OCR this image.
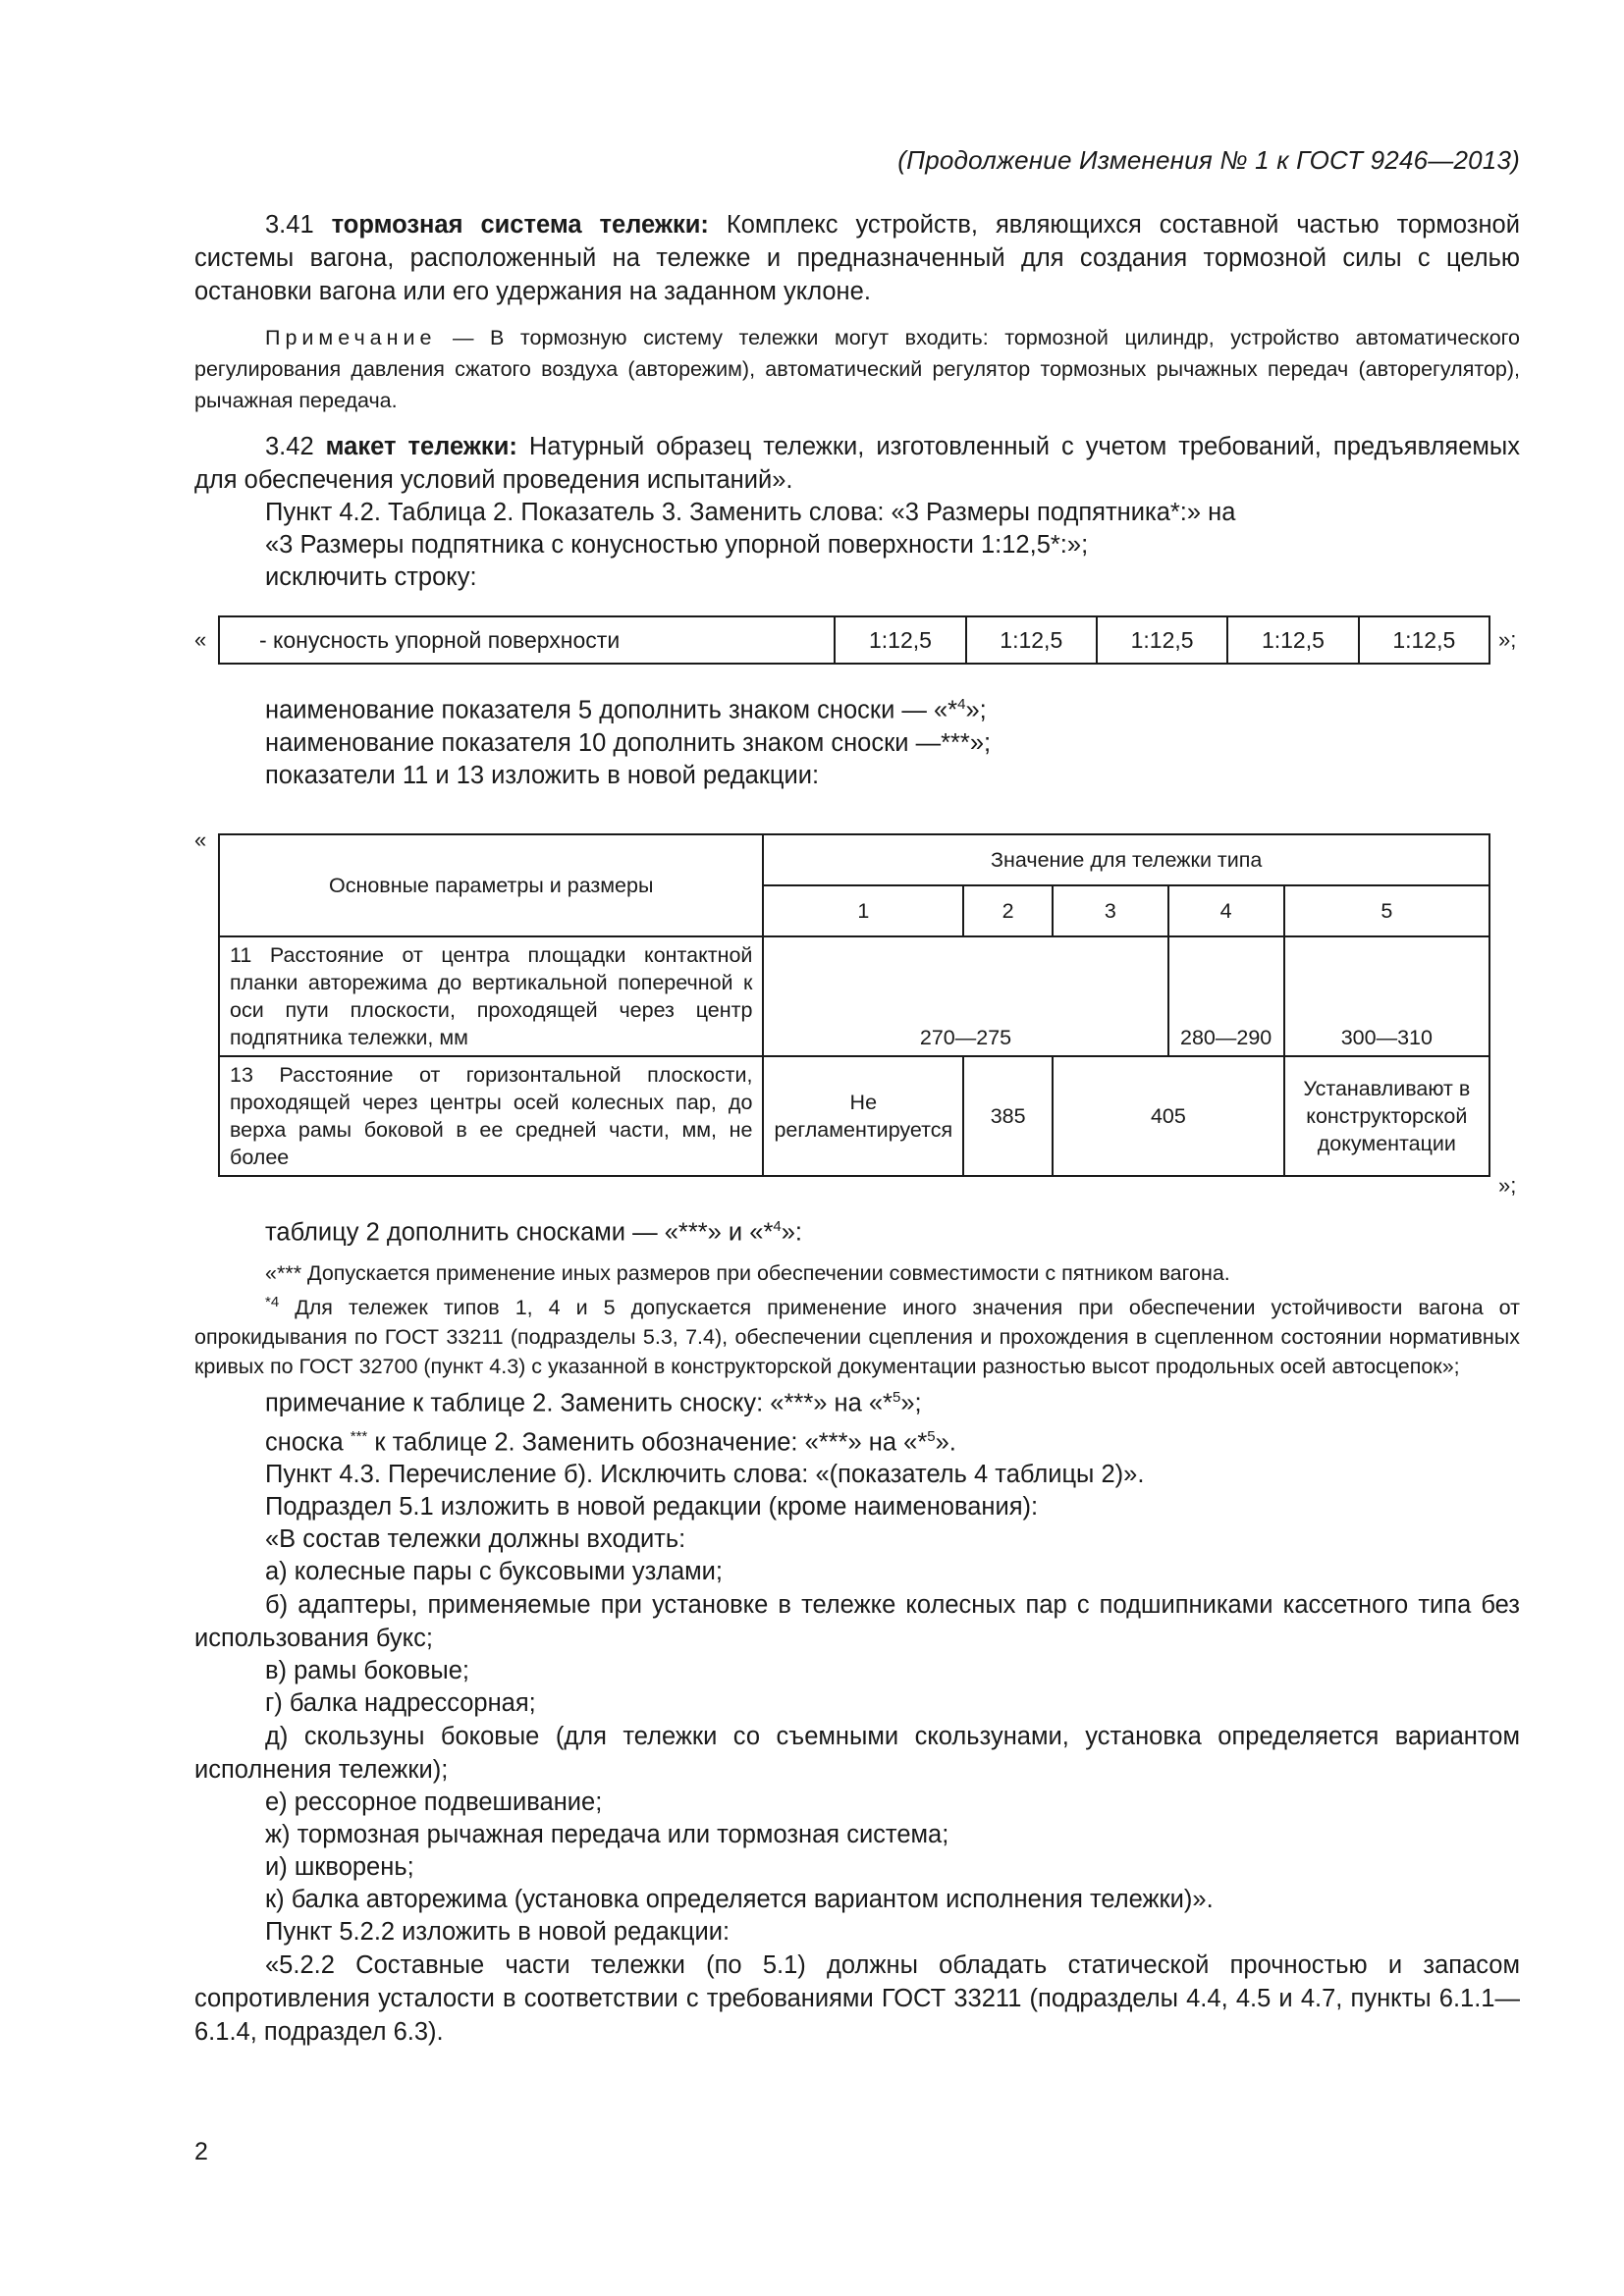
(Продолжение Изменения № 1 к ГОСТ 9246—2013)

3.41 тормозная система тележки: Комплекс устройств, являющихся составной частью тормозной системы вагона, расположенный на тележке и предназначенный для создания тормозной силы с целью остановки вагона или его удержания на заданном уклоне.

Примечание — В тормозную систему тележки могут входить: тормозной цилиндр, устройство автоматического регулирования давления сжатого воздуха (авторежим), автоматический регулятор тормозных рычажных передач (авторегулятор), рычажная передача.

3.42 макет тележки: Натурный образец тележки, изготовленный с учетом требований, предъявляемых для обеспечения условий проведения испытаний».

Пункт 4.2. Таблица 2. Показатель 3. Заменить слова: «3 Размеры подпятника*:» на

«3 Размеры подпятника с конусностью упорной поверхности 1:12,5*:»;

исключить строку:

« - конусность упорной поверхности	1:12,5	1:12,5	1:12,5	1:12,5	1:12,5 »;

наименование показателя 5 дополнить знаком сноски — «*$^4$»;

наименование показателя 10 дополнить знаком сноски —***»;

показатели 11 и 13 изложить в новой редакции:

«
Основные параметры и размеры	Значение для тележки типа				
	1	2	3	4	5
11 Расстояние от центра площадки контактной планки авторежима до вертикальной поперечной к оси пути плоскости, проходящей через центр подпятника тележки, мм	270—275			280—290	300—310
13 Расстояние от горизонтальной плоскости, проходящей через центры осей колесных пар, до верха рамы боковой в ее средней части, мм, не более	Не регламентируется	385	405		Устанавливают в конструкторской документации
»;

таблицу 2 дополнить сносками — «***» и «*$^4$»:

«*** Допускается применение иных размеров при обеспечении совместимости с пятником вагона.

$^{*4}$ Для тележек типов 1, 4 и 5 допускается применение иного значения при обеспечении устойчивости вагона от опрокидывания по ГОСТ 33211 (подразделы 5.3, 7.4), обеспечении сцепления и прохождения в сцепленном состоянии нормативных кривых по ГОСТ 32700 (пункт 4.3) с указанной в конструкторской документации разностью высот продольных осей автосцепок»;

примечание к таблице 2. Заменить сноску: «***» на «*$^5$»;

сноска *** к таблице 2. Заменить обозначение: «***» на «*$^5$».

Пункт 4.3. Перечисление б). Исключить слова: «(показатель 4 таблицы 2)».

Подраздел 5.1 изложить в новой редакции (кроме наименования):

«В состав тележки должны входить:

а) колесные пары с буксовыми узлами;

б) адаптеры, применяемые при установке в тележке колесных пар с подшипниками кассетного типа без использования букс;

в) рамы боковые;

г) балка надрессорная;

д) скользуны боковые (для тележки со съемными скользунами, установка определяется вариантом исполнения тележки);

е) рессорное подвешивание;

ж) тормозная рычажная передача или тормозная система;

и) шкворень;

к) балка авторежима (установка определяется вариантом исполнения тележки)».

Пункт 5.2.2 изложить в новой редакции:

«5.2.2 Составные части тележки (по 5.1) должны обладать статической прочностью и запасом сопротивления усталости в соответствии с требованиями ГОСТ 33211 (подразделы 4.4, 4.5 и 4.7, пункты 6.1.1—6.1.4, подраздел 6.3).

2
